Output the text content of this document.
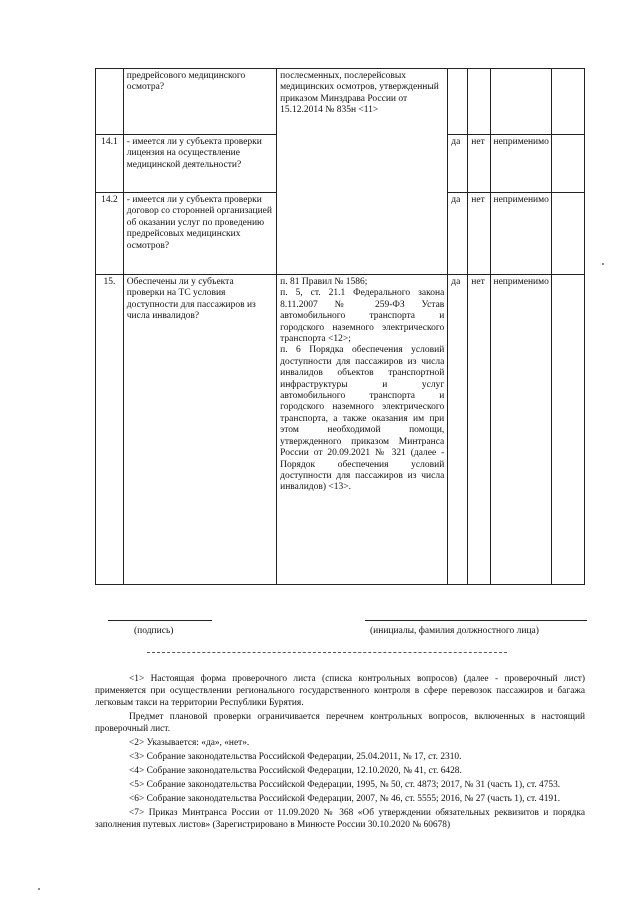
	предрейсового медицинского осмотра?	послесменных, послерейсовых медицинских осмотров, утвержденный приказом Минздрава России от 15.12.2014 № 835н <11>				

14.1	- имеется ли у субъекта проверки лицензия на осуществление медицинской деятельности?		да	нет	неприменимо	
14.2	- имеется ли у субъекта проверки договор со сторонней организацией об оказании услуг по проведению предрейсовых медицинских осмотров?		да	нет	неприменимо	
15.	Обеспечены ли у субъекта проверки на ТС условия доступности для пассажиров из числа инвалидов?	п. 81 Правил № 1586;
п. 5, ст. 21.1 Федерального закона 8.11.2007 № 259-ФЗ Устав автомобильного транспорта и городского наземного электрического транспорта <12>;
п. 6 Порядка обеспечения условий доступности для пассажиров из числа инвалидов объектов транспортной инфраструктуры и услуг автомобильного транспорта и городского наземного электрического транспорта, а также оказания им при этом необходимой помощи, утвержденного приказом Минтранса России от 20.09.2021 № 321 (далее - Порядок обеспечения условий доступности для пассажиров из числа инвалидов) <13>.	да	нет	неприменимо	
(подпись)	(инициалы, фамилия должностного лица)

<1> Настоящая форма проверочного листа (списка контрольных вопросов) (далее - проверочный лист) применяется при осуществлении регионального государственного контроля в сфере перевозок пассажиров и багажа легковым такси на территории Республики Бурятия.

Предмет плановой проверки ограничивается перечнем контрольных вопросов, включенных в настоящий проверочный лист.

<2> Указывается: «да», «нет».

<3> Собрание законодательства Российской Федерации, 25.04.2011, № 17, ст. 2310.

<4> Собрание законодательства Российской Федерации, 12.10.2020, № 41, ст. 6428.

<5> Собрание законодательства Российской Федерации, 1995, № 50, ст. 4873; 2017, № 31 (часть 1), ст. 4753.

<6> Собрание законодательства Российской Федерации, 2007, № 46, ст. 5555; 2016, № 27 (часть 1), ст. 4191.

<7> Приказ Минтранса России от 11.09.2020 № 368 «Об утверждении обязательных реквизитов и порядка заполнения путевых листов» (Зарегистрировано в Минюсте России 30.10.2020 № 60678)
